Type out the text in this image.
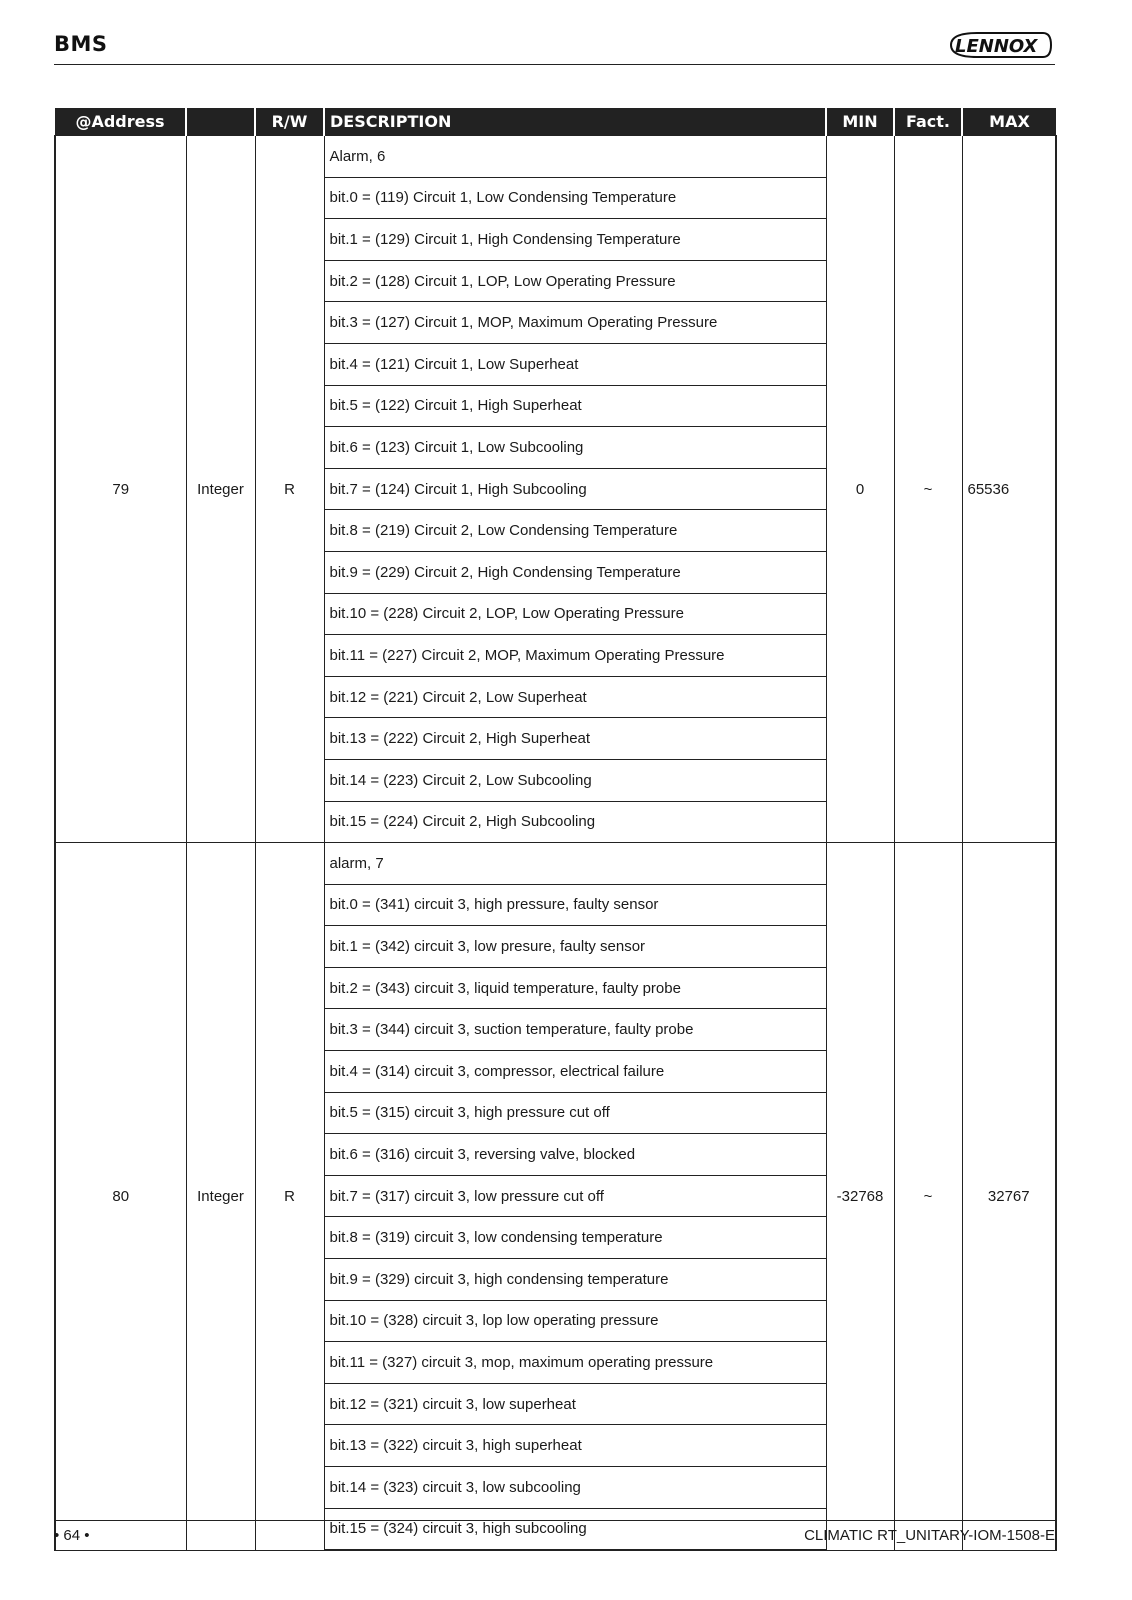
BMS	LENNOX
@Address		R/W	DESCRIPTION	MIN	Fact.	MAX
79	Integer	R	Alarm, 6	0	~	65536
			bit.0 = (119) Circuit 1, Low Condensing Temperature			
			bit.1 = (129) Circuit 1, High Condensing Temperature			
			bit.2 = (128) Circuit 1, LOP, Low Operating Pressure			
			bit.3 = (127) Circuit 1, MOP, Maximum Operating Pressure			
			bit.4 = (121) Circuit 1, Low Superheat			
			bit.5 = (122) Circuit 1, High Superheat			
			bit.6 = (123) Circuit 1, Low Subcooling			
			bit.7 = (124) Circuit 1, High Subcooling			
			bit.8 = (219) Circuit 2, Low Condensing Temperature			
			bit.9 = (229) Circuit 2, High Condensing Temperature			
			bit.10 = (228) Circuit 2, LOP, Low Operating Pressure			
			bit.11 = (227) Circuit 2, MOP, Maximum Operating Pressure			
			bit.12 = (221) Circuit 2, Low Superheat			
			bit.13 = (222) Circuit 2, High Superheat			
			bit.14 = (223) Circuit 2, Low Subcooling			
			bit.15 = (224) Circuit 2, High Subcooling			
80	Integer	R	alarm, 7	-32768	~	32767
			bit.0 = (341) circuit 3, high pressure, faulty sensor			
			bit.1 = (342) circuit 3, low presure, faulty sensor			
			bit.2 = (343) circuit 3, liquid temperature, faulty probe			
			bit.3 = (344) circuit 3, suction temperature, faulty probe			
			bit.4 = (314) circuit 3, compressor, electrical failure			
			bit.5 = (315) circuit 3, high pressure cut off			
			bit.6 = (316) circuit 3, reversing valve, blocked			
			bit.7 = (317) circuit 3, low pressure cut off			
			bit.8 = (319) circuit 3, low condensing temperature			
			bit.9 = (329) circuit 3, high condensing temperature			
			bit.10 = (328) circuit 3, lop low operating pressure			
			bit.11 = (327) circuit 3, mop, maximum operating pressure			
			bit.12 = (321) circuit 3, low superheat			
			bit.13 = (322) circuit 3, high superheat			
			bit.14 = (323) circuit 3, low subcooling			
			bit.15 = (324) circuit 3, high subcooling			
• 64 •	CLIMATIC RT_UNITARY-IOM-1508-E
